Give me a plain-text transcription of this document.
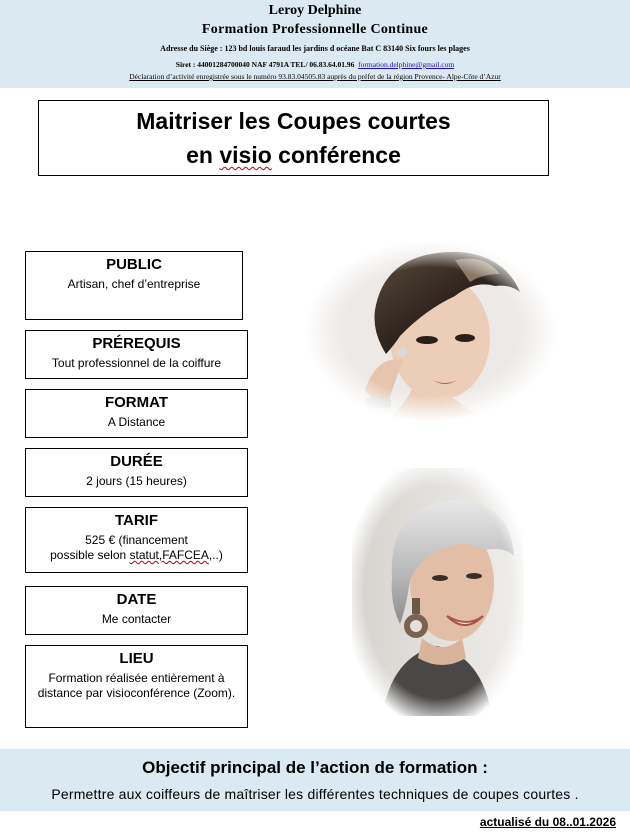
Leroy Delphine
Formation Professionnelle Continue
Adresse du Siège : 123 bd louis faraud les jardins d océane Bat C 83140 Six fours les plages
Siret : 44001284700040 NAF 4791A TEL/ 06.83.64.01.96 formation.delphine@gmail.com
Déclaration d’activité enregistrée sous le numéro 93.83.04505.83 auprès du préfet de la région Provence- Alpe-Côte d’Azur
Maitriser les Coupes courtes
en visio conférence
PUBLIC
Artisan, chef d’entreprise
PRÉREQUIS
Tout professionnel de la coiffure
FORMAT
A Distance
DURÉE
2 jours (15 heures)
TARIF
525 € (financement
possible selon statut,FAFCEA,..)
DATE
Me contacter
LIEU
Formation réalisée entièrement à distance par visioconférence (Zoom).
Objectif principal de l’action de formation :
Permettre aux coiffeurs de maîtriser les différentes techniques de coupes courtes .
actualisé du 08..01.2026
